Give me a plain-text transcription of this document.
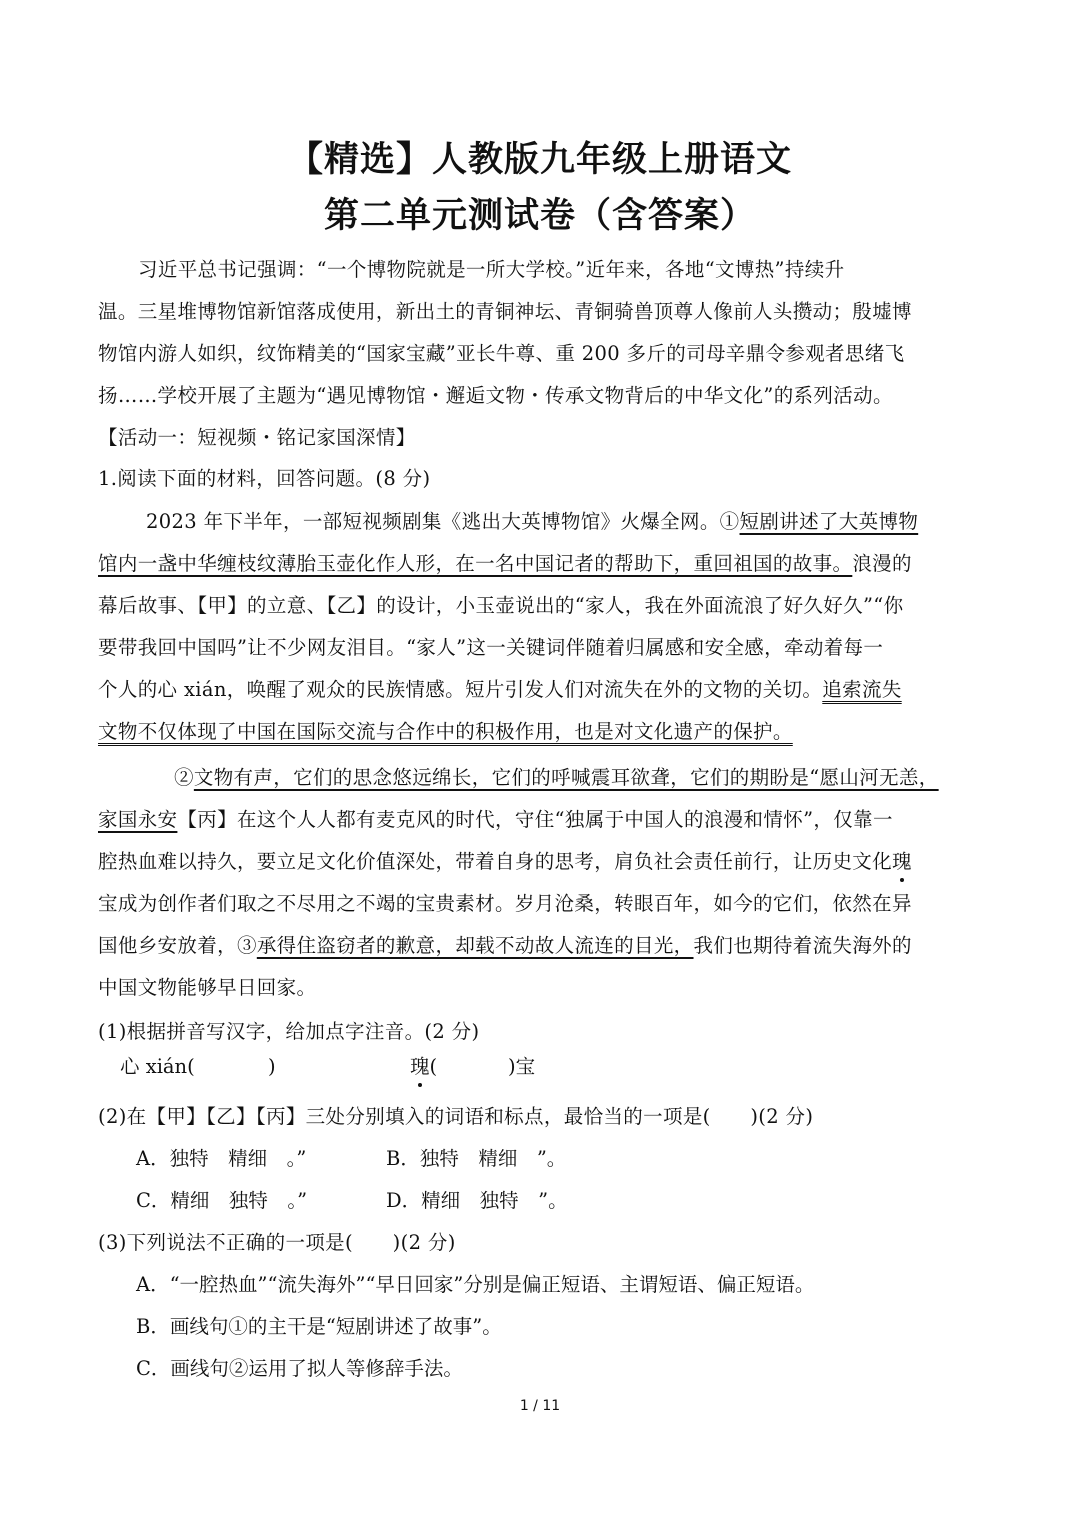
【精选】人教版九年级上册语文
第二单元测试卷（含答案）
习近平总书记强调：“一个博物院就是一所大学校。”近年来，各地“文博热”持续升
温。三星堆博物馆新馆落成使用，新出土的青铜神坛、青铜骑兽顶尊人像前人头攒动；殷墟博
物馆内游人如织，纹饰精美的“国家宝藏”亚长牛尊、重 200 多斤的司母辛鼎令参观者思绪飞
扬……学校开展了主题为“遇见博物馆・邂逅文物・传承文物背后的中华文化”的系列活动。
【活动一：短视频・铭记家国深情】
1.阅读下面的材料，回答问题。(8 分)
2023 年下半年，一部短视频剧集《逃出大英博物馆》火爆全网。①短剧讲述了大英博物
馆内一盏中华缠枝纹薄胎玉壶化作人形，在一名中国记者的帮助下，重回祖国的故事。浪漫的
幕后故事、【甲】的立意、【乙】的设计，小玉壶说出的“家人，我在外面流浪了好久好久”“你
要带我回中国吗”让不少网友泪目。“家人”这一关键词伴随着归属感和安全感，牵动着每一
个人的心 xián，唤醒了观众的民族情感。短片引发人们对流失在外的文物的关切。追索流失
文物不仅体现了中国在国际交流与合作中的积极作用，也是对文化遗产的保护。
②文物有声，它们的思念悠远绵长，它们的呼喊震耳欲聋，它们的期盼是“愿山河无恙，
家国永安【丙】在这个人人都有麦克风的时代，守住“独属于中国人的浪漫和情怀”，仅靠一
腔热血难以持久，要立足文化价值深处，带着自身的思考，肩负社会责任前行，让历史文化瑰
宝成为创作者们取之不尽用之不竭的宝贵素材。岁月沧桑，转眼百年，如今的它们，依然在异
国他乡安放着，③承得住盗窃者的歉意，却载不动故人流连的目光，我们也期待着流失海外的
中国文物能够早日回家。
(1)根据拼音写汉字，给加点字注音。(2 分)
心 xián(	)	瑰(	)宝
(2)在【甲】【乙】【丙】三处分别填入的词语和标点，最恰当的一项是(　　)(2 分)
A．独特　精细　。”	B．独特　精细　”。
C．精细　独特　。”	D．精细　独特　”。
(3)下列说法不正确的一项是(　　)(2 分)
A．“一腔热血”“流失海外”“早日回家”分别是偏正短语、主谓短语、偏正短语。
B．画线句①的主干是“短剧讲述了故事”。
C．画线句②运用了拟人等修辞手法。
1 / 11
